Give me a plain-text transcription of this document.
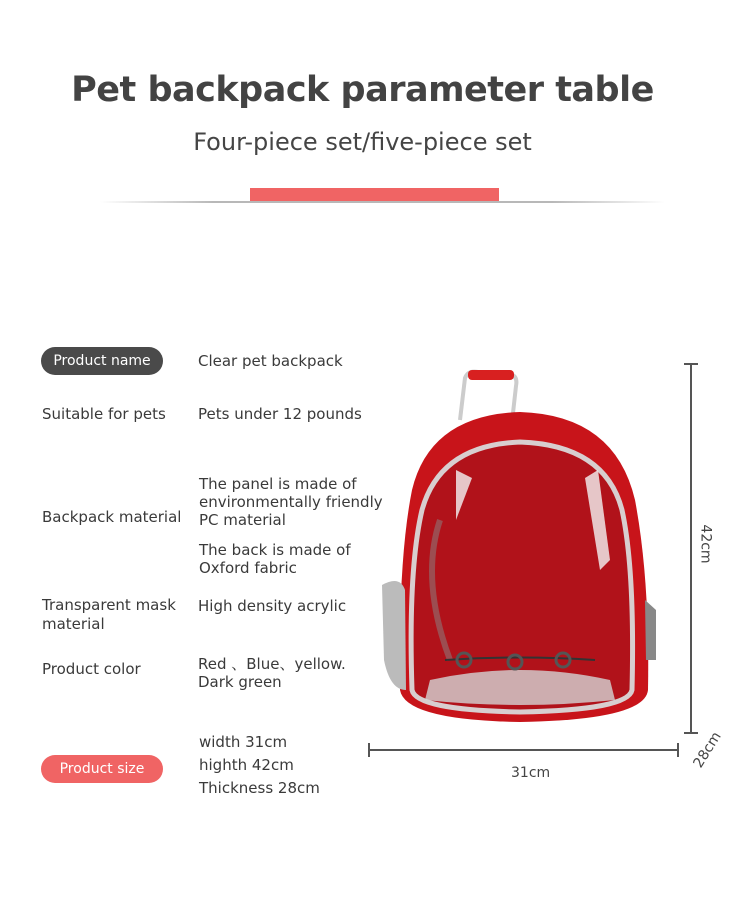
Pet backpack parameter table
Four-piece set/five-piece set
Product name	Clear pet backpack
Suitable for pets Pets under 12 pounds
Backpack material
The panel is made of
environmentally friendly
PC material
The back is made of
Oxford fabric
Transparent mask material
High density acrylic
Product color	Red 、Blue、yellow.
Dark green
Product size
width 31cm
highth 42cm
Thickness 28cm
31cm
42cm
28cm
